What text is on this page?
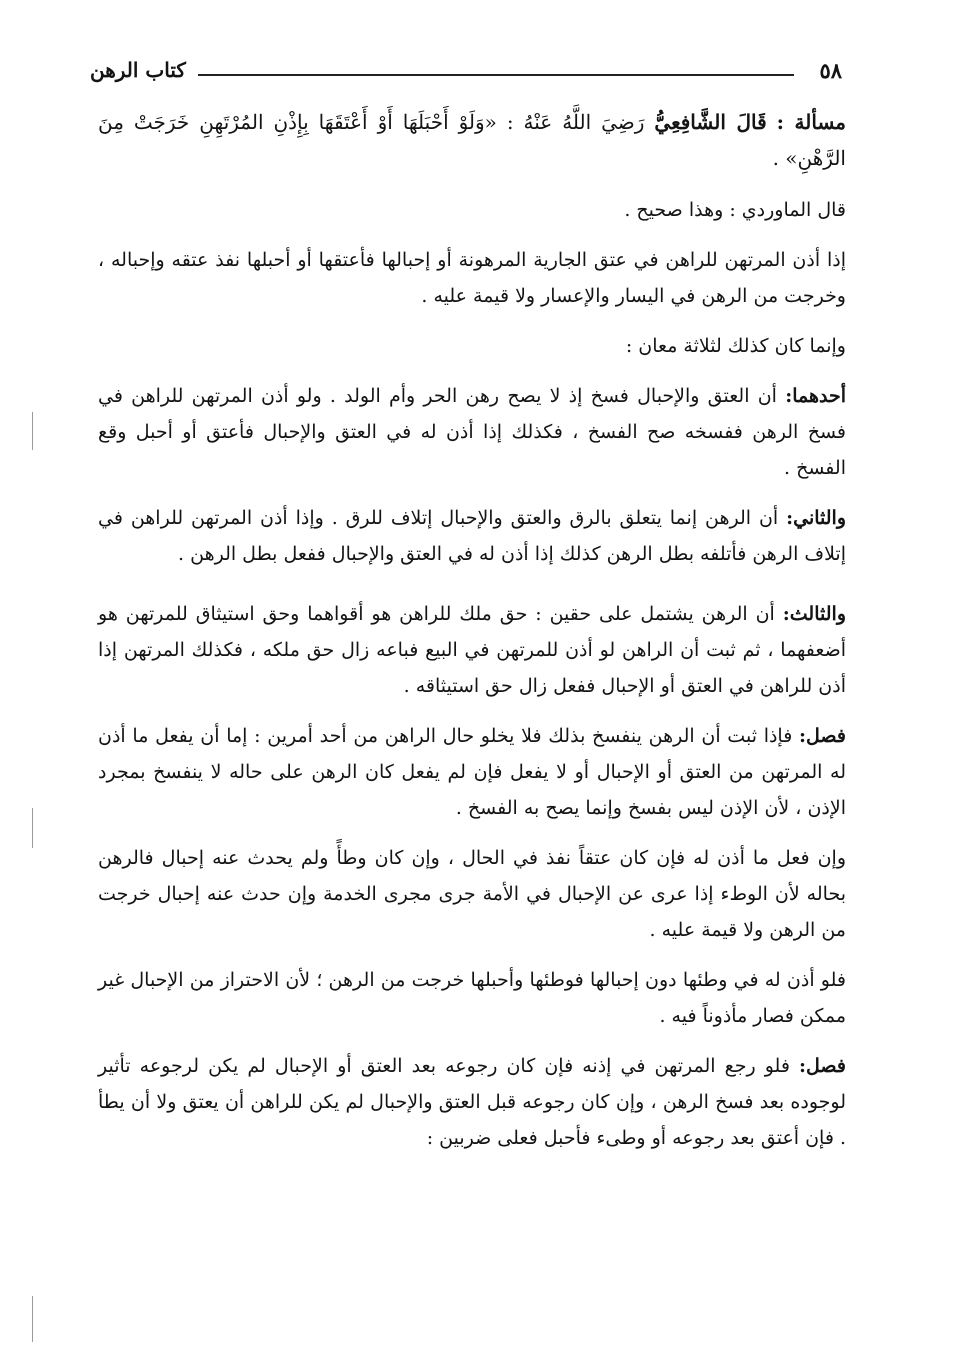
٥٨
كتاب الرهن

مسألة : قَالَ الشَّافِعِيُّ رَضِيَ اللَّهُ عَنْهُ : «وَلَوْ أَحْبَلَهَا أَوْ أَعْتَقَهَا بِإِذْنِ المُرْتَهِنِ خَرَجَتْ مِنَ الرَّهْنِ» .

قال الماوردي : وهذا صحيح .

إذا أذن المرتهن للراهن في عتق الجارية المرهونة أو إحبالها فأعتقها أو أحبلها نفذ عتقه وإحباله ، وخرجت من الرهن في اليسار والإعسار ولا قيمة عليه .

وإنما كان كذلك لثلاثة معان :

أحدهما: أن العتق والإحبال فسخ إذ لا يصح رهن الحر وأم الولد . ولو أذن المرتهن للراهن في فسخ الرهن ففسخه صح الفسخ ، فكذلك إذا أذن له في العتق والإحبال فأعتق أو أحبل وقع الفسخ .

والثاني: أن الرهن إنما يتعلق بالرق والعتق والإحبال إتلاف للرق . وإذا أذن المرتهن للراهن في إتلاف الرهن فأتلفه بطل الرهن كذلك إذا أذن له في العتق والإحبال ففعل بطل الرهن .

والثالث: أن الرهن يشتمل على حقين : حق ملك للراهن هو أقواهما وحق استيثاق للمرتهن هو أضعفهما ، ثم ثبت أن الراهن لو أذن للمرتهن في البيع فباعه زال حق ملكه ، فكذلك المرتهن إذا أذن للراهن في العتق أو الإحبال ففعل زال حق استيثاقه .

فصل: فإذا ثبت أن الرهن ينفسخ بذلك فلا يخلو حال الراهن من أحد أمرين : إما أن يفعل ما أذن له المرتهن من العتق أو الإحبال أو لا يفعل فإن لم يفعل كان الرهن على حاله لا ينفسخ بمجرد الإذن ، لأن الإذن ليس بفسخ وإنما يصح به الفسخ .

وإن فعل ما أذن له فإن كان عتقاً نفذ في الحال ، وإن كان وطأً ولم يحدث عنه إحبال فالرهن بحاله لأن الوطء إذا عرى عن الإحبال في الأمة جرى مجرى الخدمة وإن حدث عنه إحبال خرجت من الرهن ولا قيمة عليه .

فلو أذن له في وطئها دون إحبالها فوطئها وأحبلها خرجت من الرهن ؛ لأن الاحتراز من الإحبال غير ممكن فصار مأذوناً فيه .

فصل: فلو رجع المرتهن في إذنه فإن كان رجوعه بعد العتق أو الإحبال لم يكن لرجوعه تأثير لوجوده بعد فسخ الرهن ، وإن كان رجوعه قبل العتق والإحبال لم يكن للراهن أن يعتق ولا أن يطأ . فإن أعتق بعد رجوعه أو وطىء فأحبل فعلى ضربين :
